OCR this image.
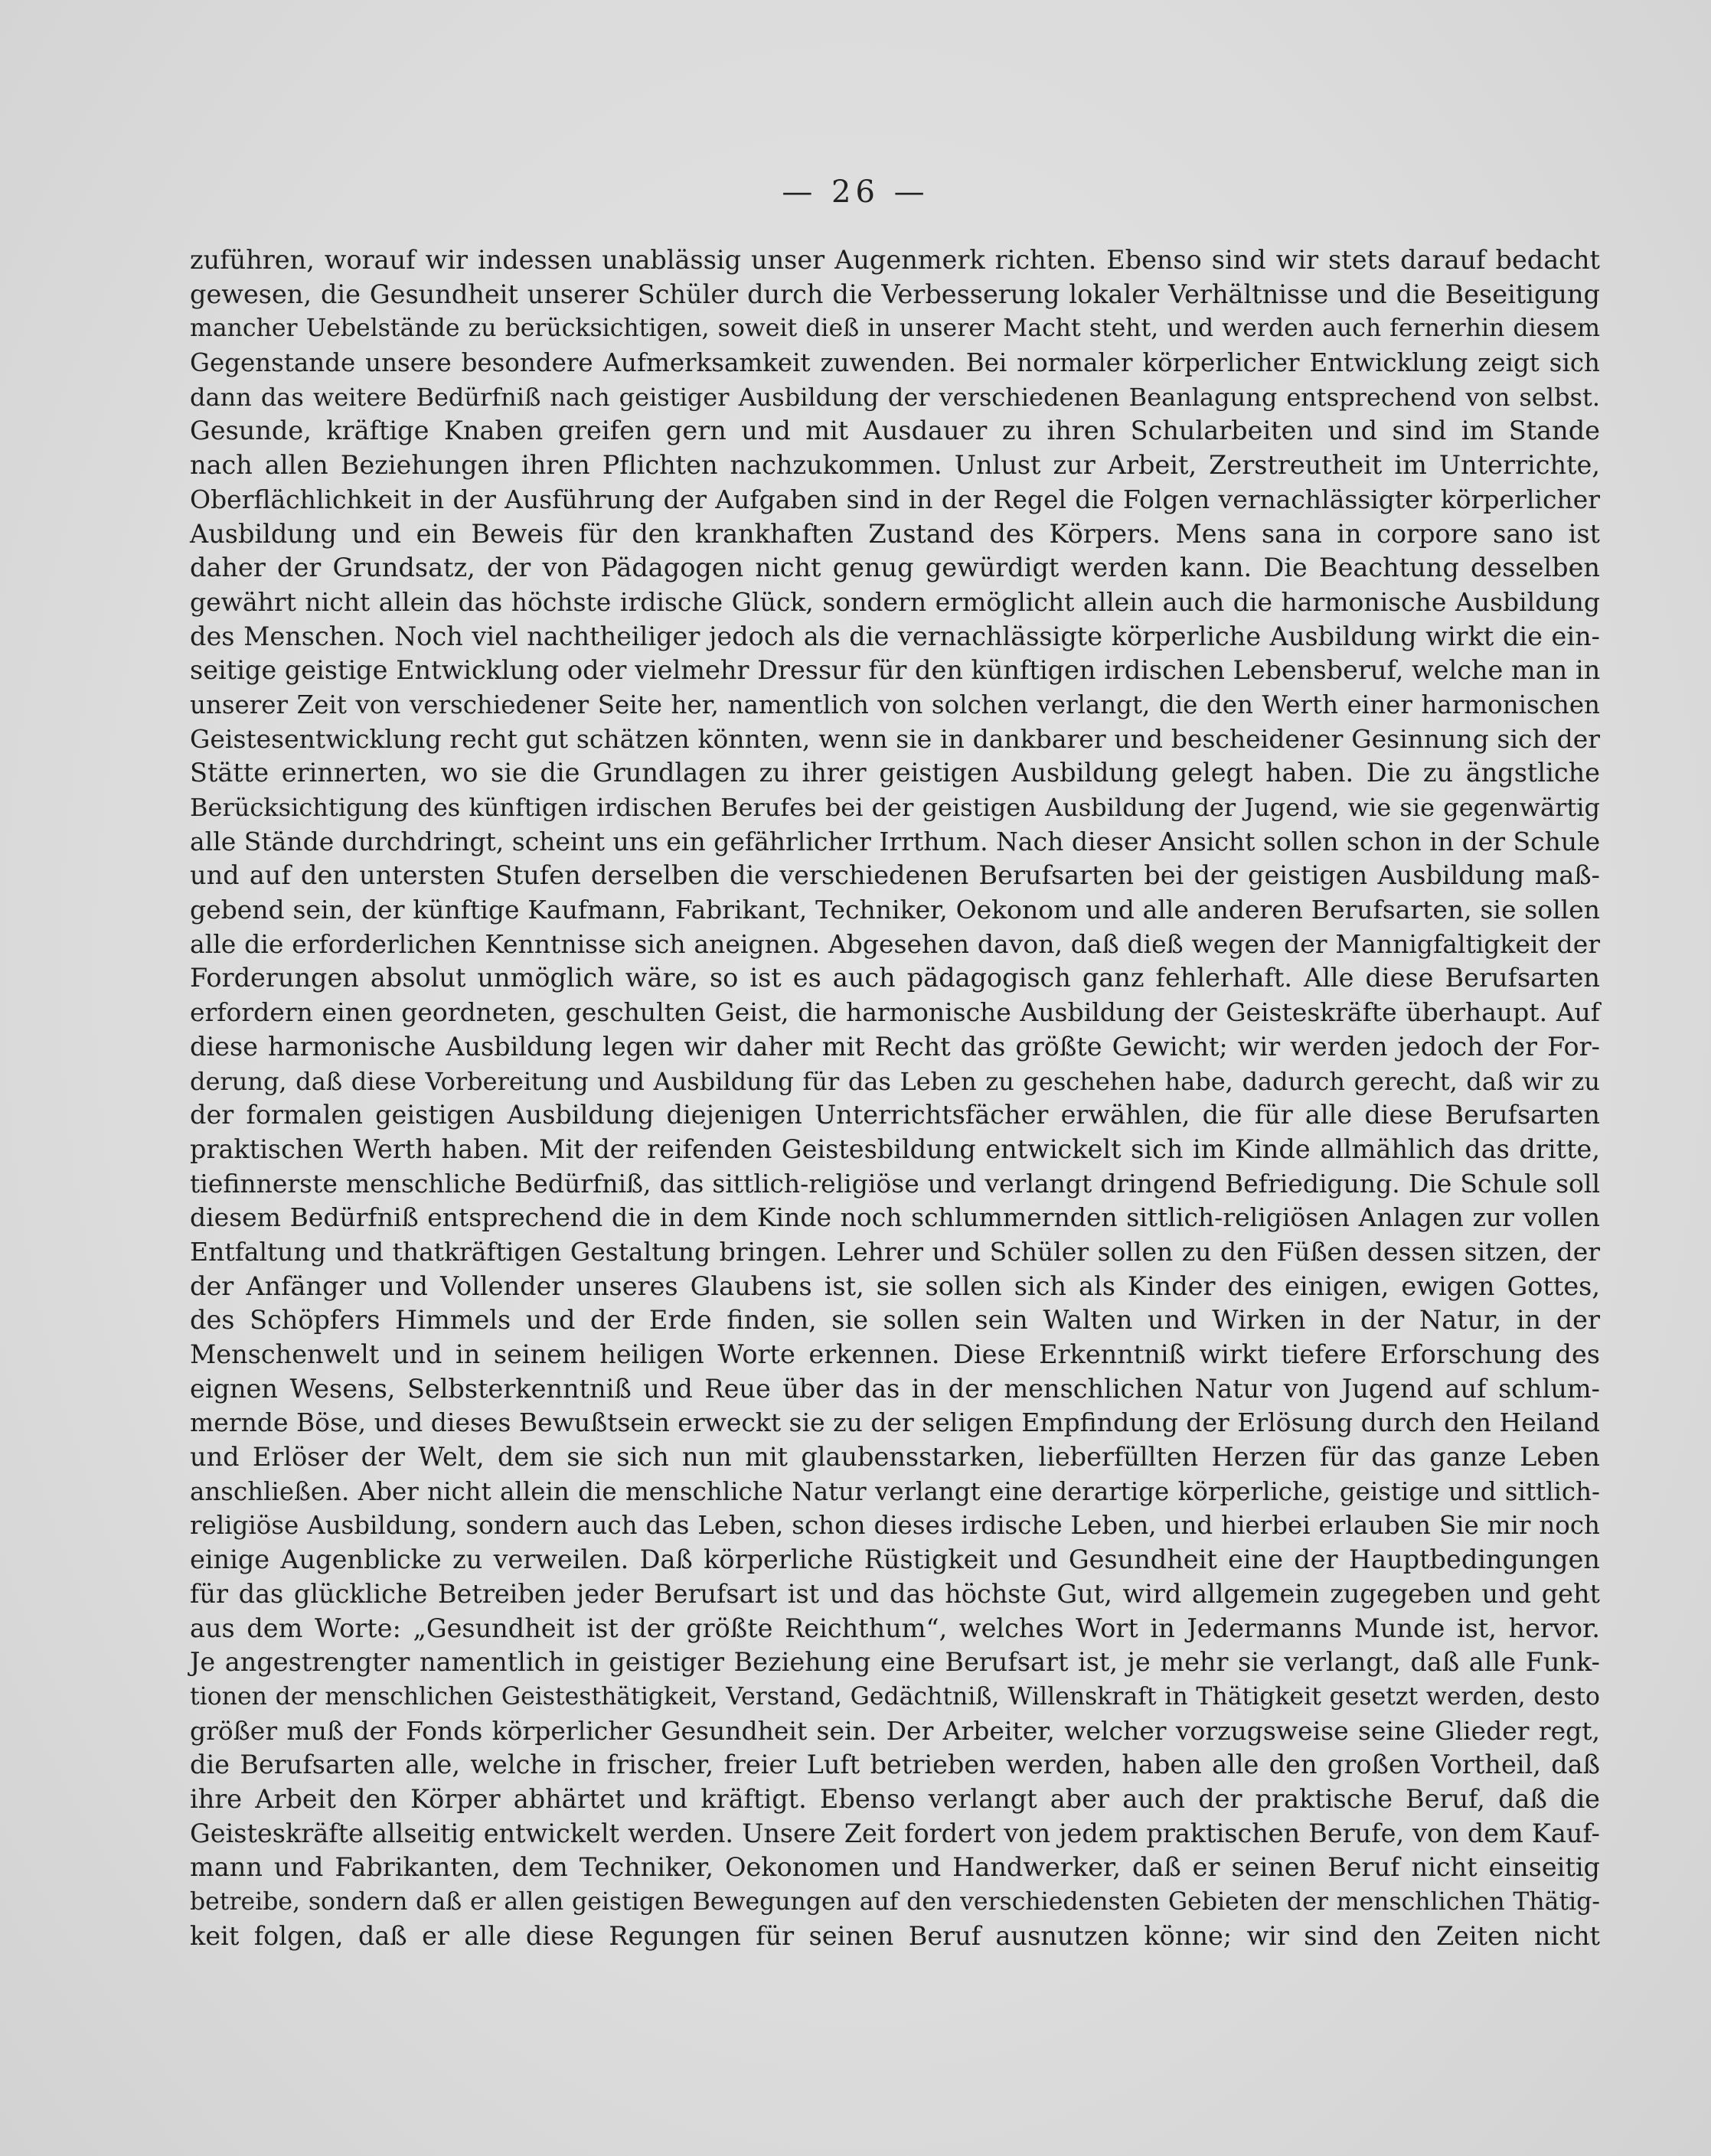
— 26 —
zuführen, worauf wir indessen unablässig unser Augenmerk richten. Ebenso sind wir stets darauf bedacht
gewesen, die Gesundheit unserer Schüler durch die Verbesserung lokaler Verhältnisse und die Beseitigung
mancher Uebelstände zu berücksichtigen, soweit dieß in unserer Macht steht, und werden auch fernerhin diesem
Gegenstande unsere besondere Aufmerksamkeit zuwenden. Bei normaler körperlicher Entwicklung zeigt sich
dann das weitere Bedürfniß nach geistiger Ausbildung der verschiedenen Beanlagung entsprechend von selbst.
Gesunde, kräftige Knaben greifen gern und mit Ausdauer zu ihren Schularbeiten und sind im Stande
nach allen Beziehungen ihren Pflichten nachzukommen. Unlust zur Arbeit, Zerstreutheit im Unterrichte,
Oberflächlichkeit in der Ausführung der Aufgaben sind in der Regel die Folgen vernachlässigter körperlicher
Ausbildung und ein Beweis für den krankhaften Zustand des Körpers. Mens sana in corpore sano ist
daher der Grundsatz, der von Pädagogen nicht genug gewürdigt werden kann. Die Beachtung desselben
gewährt nicht allein das höchste irdische Glück, sondern ermöglicht allein auch die harmonische Ausbildung
des Menschen. Noch viel nachtheiliger jedoch als die vernachlässigte körperliche Ausbildung wirkt die ein-
seitige geistige Entwicklung oder vielmehr Dressur für den künftigen irdischen Lebensberuf, welche man in
unserer Zeit von verschiedener Seite her, namentlich von solchen verlangt, die den Werth einer harmonischen
Geistesentwicklung recht gut schätzen könnten, wenn sie in dankbarer und bescheidener Gesinnung sich der
Stätte erinnerten, wo sie die Grundlagen zu ihrer geistigen Ausbildung gelegt haben. Die zu ängstliche
Berücksichtigung des künftigen irdischen Berufes bei der geistigen Ausbildung der Jugend, wie sie gegenwärtig
alle Stände durchdringt, scheint uns ein gefährlicher Irrthum. Nach dieser Ansicht sollen schon in der Schule
und auf den untersten Stufen derselben die verschiedenen Berufsarten bei der geistigen Ausbildung maß-
gebend sein, der künftige Kaufmann, Fabrikant, Techniker, Oekonom und alle anderen Berufsarten, sie sollen
alle die erforderlichen Kenntnisse sich aneignen. Abgesehen davon, daß dieß wegen der Mannigfaltigkeit der
Forderungen absolut unmöglich wäre, so ist es auch pädagogisch ganz fehlerhaft. Alle diese Berufsarten
erfordern einen geordneten, geschulten Geist, die harmonische Ausbildung der Geisteskräfte überhaupt. Auf
diese harmonische Ausbildung legen wir daher mit Recht das größte Gewicht; wir werden jedoch der For-
derung, daß diese Vorbereitung und Ausbildung für das Leben zu geschehen habe, dadurch gerecht, daß wir zu
der formalen geistigen Ausbildung diejenigen Unterrichtsfächer erwählen, die für alle diese Berufsarten
praktischen Werth haben. Mit der reifenden Geistesbildung entwickelt sich im Kinde allmählich das dritte,
tiefinnerste menschliche Bedürfniß, das sittlich-religiöse und verlangt dringend Befriedigung. Die Schule soll
diesem Bedürfniß entsprechend die in dem Kinde noch schlummernden sittlich-religiösen Anlagen zur vollen
Entfaltung und thatkräftigen Gestaltung bringen. Lehrer und Schüler sollen zu den Füßen dessen sitzen, der
der Anfänger und Vollender unseres Glaubens ist, sie sollen sich als Kinder des einigen, ewigen Gottes,
des Schöpfers Himmels und der Erde finden, sie sollen sein Walten und Wirken in der Natur, in der
Menschenwelt und in seinem heiligen Worte erkennen. Diese Erkenntniß wirkt tiefere Erforschung des
eignen Wesens, Selbsterkenntniß und Reue über das in der menschlichen Natur von Jugend auf schlum-
mernde Böse, und dieses Bewußtsein erweckt sie zu der seligen Empfindung der Erlösung durch den Heiland
und Erlöser der Welt, dem sie sich nun mit glaubensstarken, lieberfüllten Herzen für das ganze Leben
anschließen. Aber nicht allein die menschliche Natur verlangt eine derartige körperliche, geistige und sittlich-
religiöse Ausbildung, sondern auch das Leben, schon dieses irdische Leben, und hierbei erlauben Sie mir noch
einige Augenblicke zu verweilen. Daß körperliche Rüstigkeit und Gesundheit eine der Hauptbedingungen
für das glückliche Betreiben jeder Berufsart ist und das höchste Gut, wird allgemein zugegeben und geht
aus dem Worte: „Gesundheit ist der größte Reichthum“, welches Wort in Jedermanns Munde ist, hervor.
Je angestrengter namentlich in geistiger Beziehung eine Berufsart ist, je mehr sie verlangt, daß alle Funk-
tionen der menschlichen Geistesthätigkeit, Verstand, Gedächtniß, Willenskraft in Thätigkeit gesetzt werden, desto
größer muß der Fonds körperlicher Gesundheit sein. Der Arbeiter, welcher vorzugsweise seine Glieder regt,
die Berufsarten alle, welche in frischer, freier Luft betrieben werden, haben alle den großen Vortheil, daß
ihre Arbeit den Körper abhärtet und kräftigt. Ebenso verlangt aber auch der praktische Beruf, daß die
Geisteskräfte allseitig entwickelt werden. Unsere Zeit fordert von jedem praktischen Berufe, von dem Kauf-
mann und Fabrikanten, dem Techniker, Oekonomen und Handwerker, daß er seinen Beruf nicht einseitig
betreibe, sondern daß er allen geistigen Bewegungen auf den verschiedensten Gebieten der menschlichen Thätig-
keit folgen, daß er alle diese Regungen für seinen Beruf ausnutzen könne; wir sind den Zeiten nicht
